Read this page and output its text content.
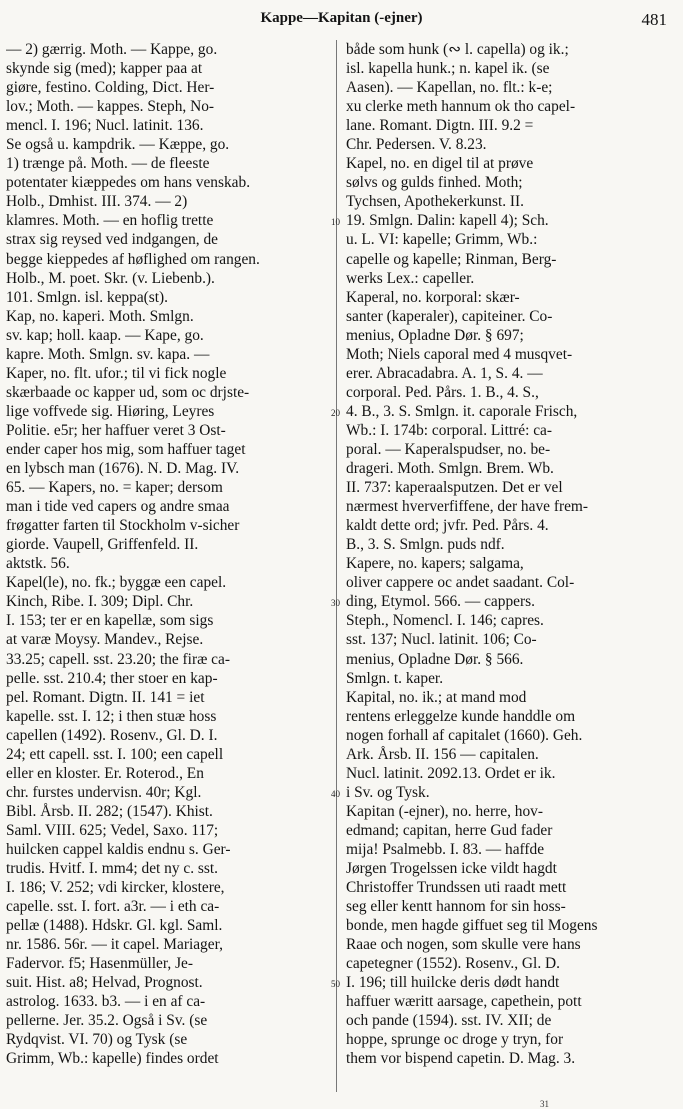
Kappe—Kapitan (-ejner)	481
— 2) gærrig. Moth. — Kappe, go.
skynde sig (med); kapper paa at
giøre, festino. Colding, Dict. Her-
lov.; Moth. — kappes. Steph, No-
mencl. I. 196; Nucl. latinit. 136.
Se også u. kampdrik. — Kæppe, go.
1) trænge på. Moth. — de fleeste
potentater kiæppedes om hans venskab.
Holb., Dmhist. III. 374. — 2)
klamres. Moth. — en hoflig trette
strax sig reysed ved indgangen, de
begge kieppedes af høflighed om rangen.
Holb., M. poet. Skr. (v. Liebenb.).
101. Smlgn. isl. keppa(st).
Kap, no. kaperi. Moth. Smlgn.
sv. kap; holl. kaap. — Kape, go.
kapre. Moth. Smlgn. sv. kapa. —
Kaper, no. flt. ufor.; til vi fick nogle
skærbaade oc kapper ud, som oc drjste-
lige voffvede sig. Hiøring, Leyres
Politie. e5r; her haffuer veret 3 Ost-
ender caper hos mig, som haffuer taget
en lybsch man (1676). N. D. Mag. IV.
65. — Kapers, no. = kaper; dersom
man i tide ved capers og andre smaa
frøgatter farten til Stockholm v-sicher
giorde. Vaupell, Griffenfeld. II.
aktstk. 56.
Kapel(le), no. fk.; byggæ een capel.
Kinch, Ribe. I. 309; Dipl. Chr.
I. 153; ter er en kapellæ, som sigs
at varæ Moysy. Mandev., Rejse.
33.25; capell. sst. 23.20; the firæ ca-
pelle. sst. 210.4; ther stoer en kap-
pel. Romant. Digtn. II. 141 = iet
kapelle. sst. I. 12; i then stuæ hoss
capellen (1492). Rosenv., Gl. D. I.
24; ett capell. sst. I. 100; een capell
eller en kloster. Er. Roterod., En
chr. furstes undervisn. 40r; Kgl.
Bibl. Årsb. II. 282; (1547). Khist.
Saml. VIII. 625; Vedel, Saxo. 117;
huilcken cappel kaldis endnu s. Ger-
trudis. Hvitf. I. mm4; det ny c. sst.
I. 186; V. 252; vdi kircker, klostere,
capelle. sst. I. fort. a3r. — i eth ca-
pellæ (1488). Hdskr. Gl. kgl. Saml.
nr. 1586. 56r. — it capel. Mariager,
Fadervor. f5; Hasenmüller, Je-
suit. Hist. a8; Helvad, Prognost.
astrolog. 1633. b3. — i en af ca-
pellerne. Jer. 35.2. Også i Sv. (se
Rydqvist. VI. 70) og Tysk (se
Grimm, Wb.: kapelle) findes ordet
både som hunk (∾ l. capella) og ik.;
isl. kapella hunk.; n. kapel ik. (se
Aasen). — Kapellan, no. flt.: k-e;
xu clerke meth hannum ok tho capel-
lane. Romant. Digtn. III. 9.2 =
Chr. Pedersen. V. 8.23.
Kapel, no. en digel til at prøve
sølvs og gulds finhed. Moth;
Tychsen, Apothekerkunst. II.
19. Smlgn. Dalin: kapell 4); Sch.
u. L. VI: kapelle; Grimm, Wb.:
capelle og kapelle; Rinman, Berg-
werks Lex.: capeller.
Kaperal, no. korporal: skær-
santer (kaperaler), capiteiner. Co-
menius, Opladne Dør. § 697;
Moth; Niels caporal med 4 musqvet-
erer. Abracadabra. A. 1, S. 4. —
corporal. Ped. Pårs. 1. B., 4. S.,
4. B., 3. S. Smlgn. it. caporale Frisch,
Wb.: I. 174b: corporal. Littré: ca-
poral. — Kaperalspudser, no. be-
drageri. Moth. Smlgn. Brem. Wb.
II. 737: kaperaalsputzen. Det er vel
nærmest hververfiffene, der have frem-
kaldt dette ord; jvfr. Ped. Pårs. 4.
B., 3. S. Smlgn. puds ndf.
Kapere, no. kapers; salgama,
oliver cappere oc andet saadant. Col-
ding, Etymol. 566. — cappers.
Steph., Nomencl. I. 146; capres.
sst. 137; Nucl. latinit. 106; Co-
menius, Opladne Dør. § 566.
Smlgn. t. kaper.
Kapital, no. ik.; at mand mod
rentens erleggelze kunde handdle om
nogen forhall af capitalet (1660). Geh.
Ark. Årsb. II. 156 — capitalen.
Nucl. latinit. 2092.13. Ordet er ik.
i Sv. og Tysk.
Kapitan (-ejner), no. herre, hov-
edmand; capitan, herre Gud fader
mija! Psalmebb. I. 83. — haffde
Jørgen Trogelssen icke vildt hagdt
Christoffer Trundssen uti raadt mett
seg eller kentt hannom for sin hoss-
bonde, men hagde giffuet seg til Mogens
Raae och nogen, som skulle vere hans
capetegner (1552). Rosenv., Gl. D.
I. 196; till huilcke deris dødt handt
haffuer wæritt aarsage, capethein, pott
och pande (1594). sst. IV. XII; de
hoppe, sprunge oc droge y tryn, for
them vor bispend capetin. D. Mag. 3.
10
20
30
40
50
31
